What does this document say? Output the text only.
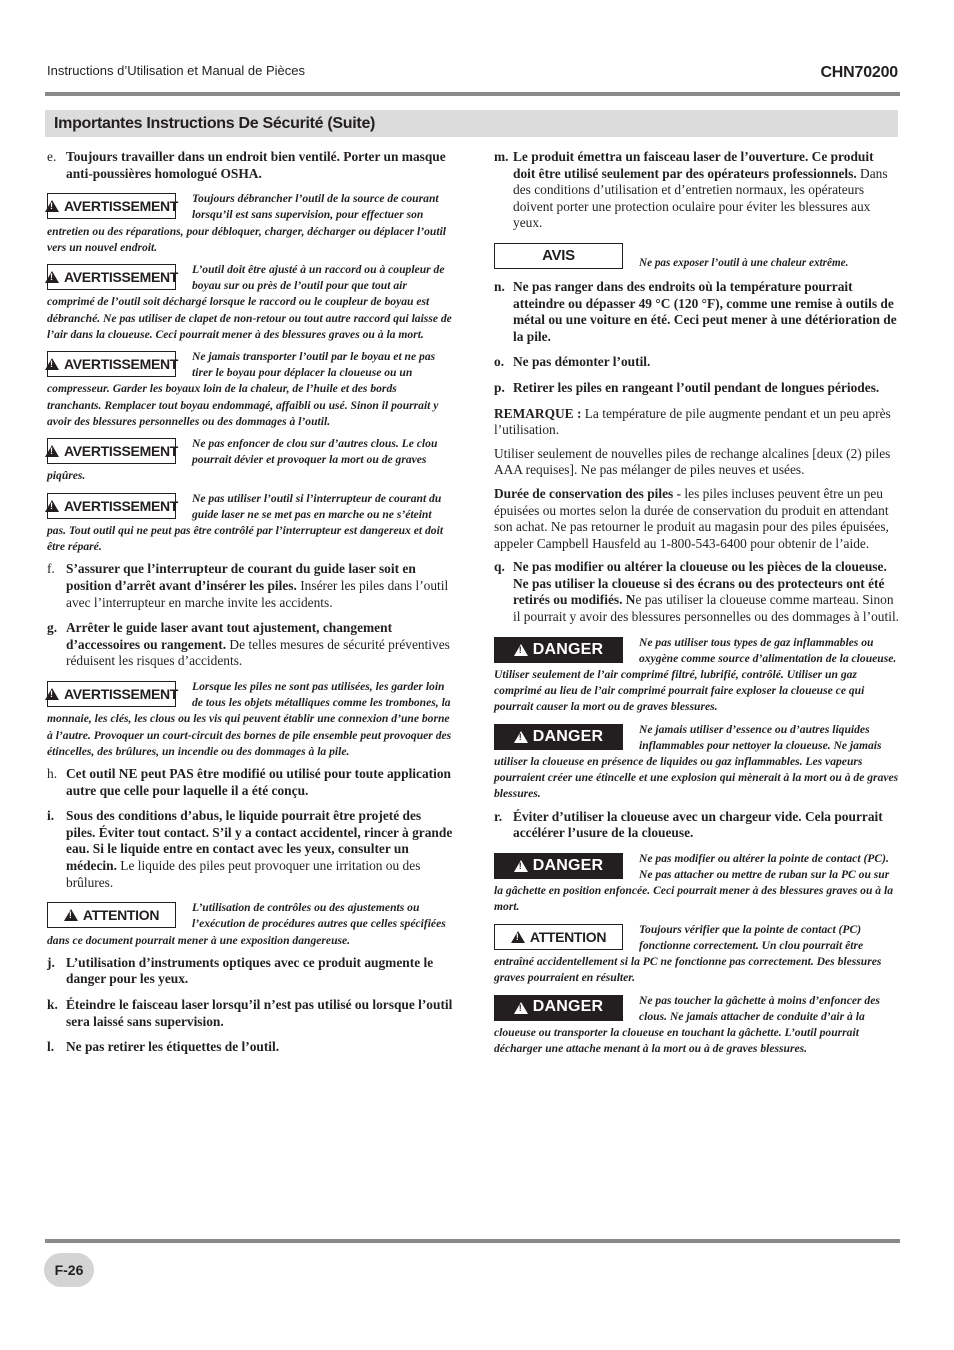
Instructions d’Utilisation et Manual de Pièces	CHN70200
Importantes Instructions De Sécurité (Suite)
e. Toujours travailler dans un endroit bien ventilé. Porter un masque anti-poussières homologué OSHA.
!
AVERTISSEMENT Toujours débrancher l’outil de la source de courant lorsqu’il est sans supervision, pour effectuer son entretien ou des réparations, pour débloquer, charger, décharger ou déplacer l’outil vers un nouvel endroit.
!
AVERTISSEMENT L’outil doit être ajusté à un raccord ou à coupleur de boyau sur ou près de l’outil pour que tout air comprimé de l’outil soit déchargé lorsque le raccord ou le coupleur de boyau est débranché. Ne pas utiliser de clapet de non-retour ou tout autre raccord qui laisse de l’air dans la cloueuse. Ceci pourrait mener à des blessures graves ou à la mort.
!
AVERTISSEMENT Ne jamais transporter l’outil par le boyau et ne pas tirer le boyau pour déplacer la cloueuse ou un compresseur. Garder les boyaux loin de la chaleur, de l’huile et des bords tranchants. Remplacer tout boyau endommagé, affaibli ou usé. Sinon il pourrait y avoir des blessures personnelles ou des dommages à l’outil.
!
AVERTISSEMENT Ne pas enfoncer de clou sur d’autres clous. Le clou pourrait dévier et provoquer la mort ou de graves piqûres.
!
AVERTISSEMENT Ne pas utiliser l’outil si l’interrupteur de courant du guide laser ne se met pas en marche ou ne s’éteint pas. Tout outil qui ne peut pas être contrôlé par l’interrupteur est dangereux et doit être réparé.
f. S’assurer que l’interrupteur de courant du guide laser soit en position d’arrêt avant d’insérer les piles. Insérer les piles dans l’outil avec l’interrupteur en marche invite les accidents.
g. Arrêter le guide laser avant tout ajustement, changement d’accessoires ou rangement. De telles mesures de sécurité préventives réduisent les risques d’accidents.
!
AVERTISSEMENT Lorsque les piles ne sont pas utilisées, les garder loin de tous les objets métalliques comme les trombones, la monnaie, les clés, les clous ou les vis qui peuvent établir une connexion d’une borne à l’autre. Provoquer un court-circuit des bornes de pile ensemble peut provoquer des étincelles, des brûlures, un incendie ou des dommages à la pile.
h. Cet outil NE peut PAS être modifié ou utilisé pour toute application autre que celle pour laquelle il a été conçu.
i. Sous des conditions d’abus, le liquide pourrait être projeté des piles. Éviter tout contact. S’il y a contact accidentel, rincer à grande eau. Si le liquide entre en contact avec les yeux, consulter un médecin. Le liquide des piles peut provoquer une irritation ou des brûlures.
!
ATTENTION	L’utilisation de contrôles ou des ajustements ou l’exécution de procédures autres que celles spécifiées dans ce document pourrait mener à une exposition dangereuse.
j. L’utilisation d’instruments optiques avec ce produit augmente le danger pour les yeux.
k. Éteindre le faisceau laser lorsqu’il n’est pas utilisé ou lorsque l’outil sera laissé sans supervision.
l. Ne pas retirer les étiquettes de l’outil.
m. Le produit émettra un faisceau laser de l’ouverture. Ce produit doit être utilisé seulement par des opérateurs professionnels. Dans des conditions d’utilisation et d’entretien normaux, les opérateurs doivent porter une protection oculaire pour éviter les blessures aux yeux.
AVIS	Ne pas exposer l’outil à une chaleur extrême.
n. Ne pas ranger dans des endroits où la température pourrait atteindre ou dépasser 49 °C (120 °F), comme une remise à outils de métal ou une voiture en été. Ceci peut mener à une détérioration de la pile.
o. Ne pas démonter l’outil.
p. Retirer les piles en rangeant l’outil pendant de longues périodes.
REMARQUE : La température de pile augmente pendant et un peu après l’utilisation.
Utiliser seulement de nouvelles piles de rechange alcalines [deux (2) piles AAA requises]. Ne pas mélanger de piles neuves et usées.
Durée de conservation des piles - les piles incluses peuvent être un peu épuisées ou mortes selon la durée de conservation du produit en attendant son achat. Ne pas retourner le produit au magasin pour des piles épuisées, appeler Campbell Hausfeld au 1-800-543-6400 pour obtenir de l’aide.
q. Ne pas modifier ou altérer la cloueuse ou les pièces de la cloueuse. Ne pas utiliser la cloueuse si des écrans ou des protecteurs ont été retirés ou modifiés. Ne pas utiliser la cloueuse comme marteau. Sinon il pourrait y avoir des blessures personnelles ou des dommages à l’outil.
!
DANGER	Ne pas utiliser tous types de gaz inflammables ou oxygène comme source d’alimentation de la cloueuse. Utiliser seulement de l’air comprimé filtré, lubrifié, contrôlé. Utiliser un gaz comprimé au lieu de l’air comprimé pourrait faire exploser la cloueuse ce qui pourrait causer la mort ou de graves blessures.
!
DANGER	Ne jamais utiliser d’essence ou d’autres liquides inflammables pour nettoyer la cloueuse. Ne jamais utiliser la cloueuse en présence de liquides ou gaz inflammables. Les vapeurs pourraient créer une étincelle et une explosion qui mènerait à la mort ou à de graves blessures.
r. Éviter d’utiliser la cloueuse avec un chargeur vide. Cela pourrait accélérer l’usure de la cloueuse.
!
DANGER	Ne pas modifier ou altérer la pointe de contact (PC). Ne pas attacher ou mettre de ruban sur la PC ou sur la gâchette en position enfoncée. Ceci pourrait mener à des blessures graves ou à la mort.
!
ATTENTION	Toujours vérifier que la pointe de contact (PC) fonctionne correctement. Un clou pourrait être entraîné accidentellement si la PC ne fonctionne pas correctement. Des blessures graves pourraient en résulter.
!
DANGER	Ne pas toucher la gâchette à moins d’enfoncer des clous. Ne jamais attacher de conduite d’air à la cloueuse ou transporter la cloueuse en touchant la gâchette. L’outil pourrait décharger une attache menant à la mort ou à de graves blessures.
F-26
